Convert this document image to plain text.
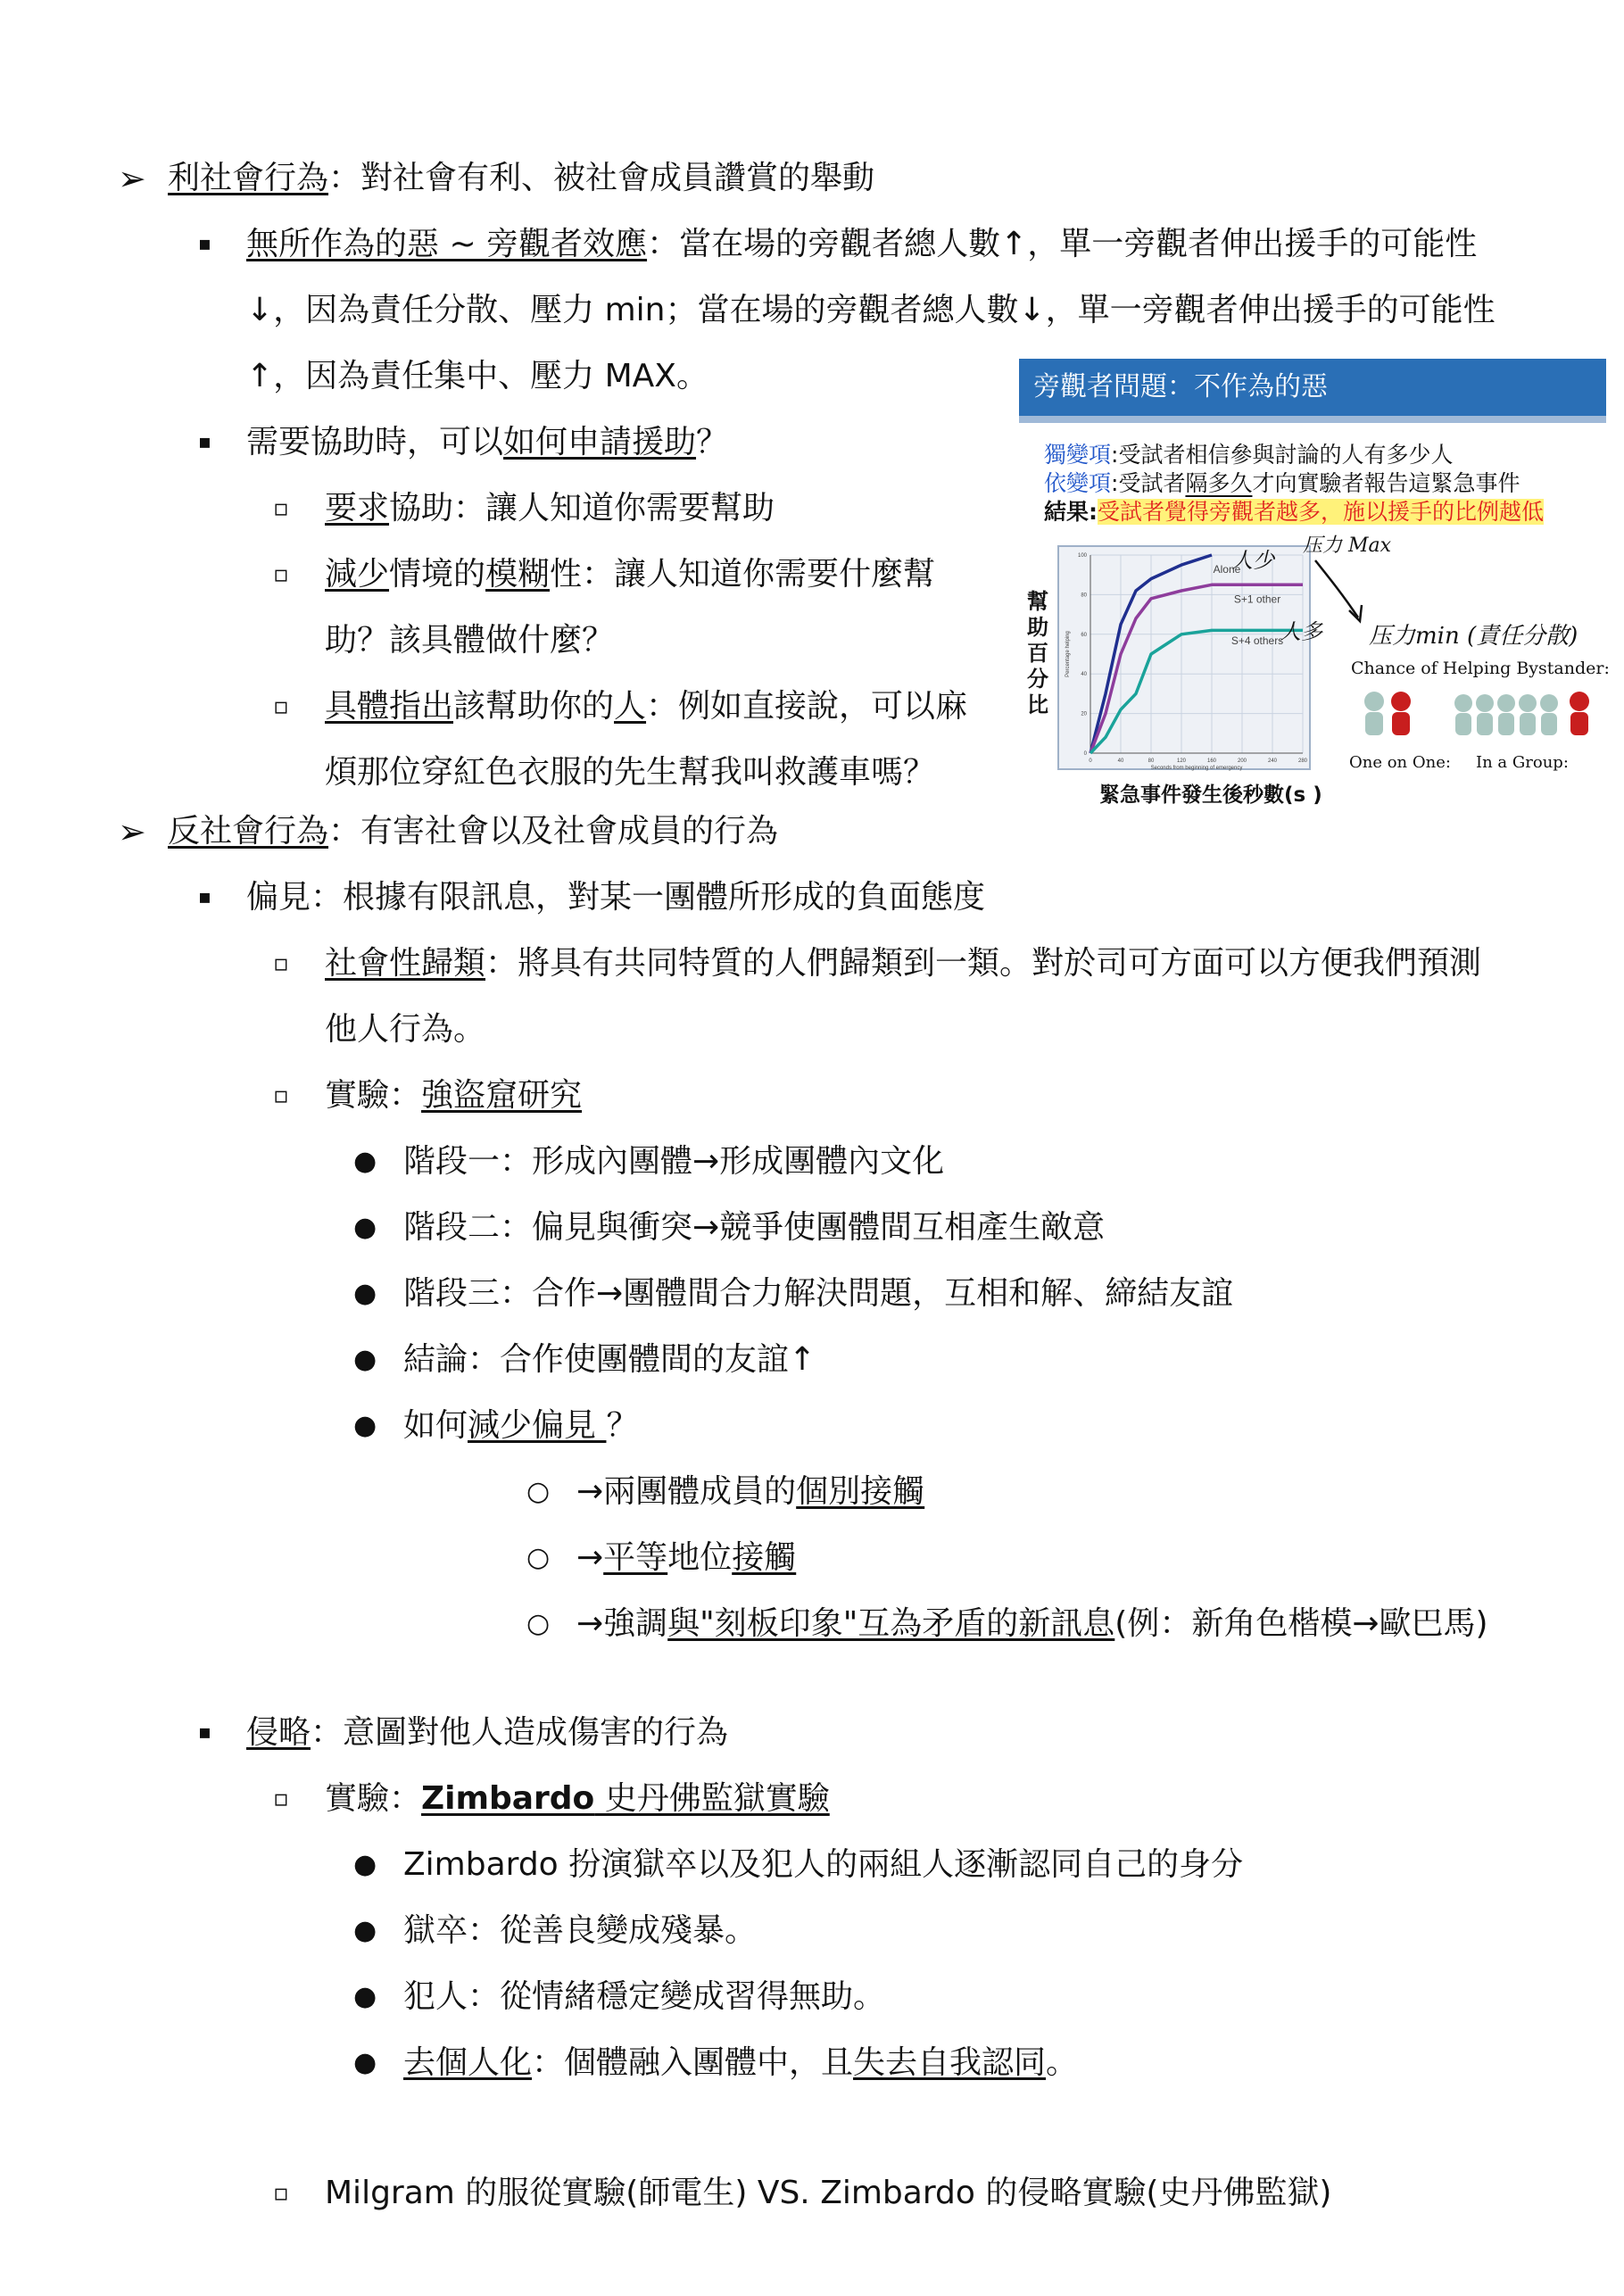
➢ 利社會行為：對社會有利、被社會成員讚賞的舉動
▪ 無所作為的惡 ~ 旁觀者效應：當在場的旁觀者總人數↑，單一旁觀者伸出援手的可能性
↓，因為責任分散、壓力 min；當在場的旁觀者總人數↓，單一旁觀者伸出援手的可能性
↑，因為責任集中、壓力 MAX。
▪ 需要協助時，可以如何申請援助？
▫ 要求協助：讓人知道你需要幫助
▫ 減少情境的模糊性：讓人知道你需要什麼幫
助？該具體做什麼？
▫ 具體指出該幫助你的人：例如直接說，可以麻
煩那位穿紅色衣服的先生幫我叫救護車嗎？
➢ 反社會行為：有害社會以及社會成員的行為
▪ 偏見：根據有限訊息，對某一團體所形成的負面態度
▫ 社會性歸類：將具有共同特質的人們歸類到一類。對於司可方面可以方便我們預測
他人行為。
▫ 實驗：強盜窟研究
● 階段一：形成內團體→形成團體內文化
● 階段二：偏見與衝突→競爭使團體間互相產生敵意
● 階段三：合作→團體間合力解決問題，互相和解、締結友誼
● 結論：合作使團體間的友誼↑
● 如何減少偏見 ？
○ →兩團體成員的個別接觸
○ →平等地位接觸
○ →強調與"刻板印象"互為矛盾的新訊息(例：新角色楷模→歐巴馬)
▪ 侵略：意圖對他人造成傷害的行為
▫ 實驗：Zimbardo 史丹佛監獄實驗
● Zimbardo 扮演獄卒以及犯人的兩組人逐漸認同自己的身分
● 獄卒：從善良變成殘暴。
● 犯人：從情緒穩定變成習得無助。
● 去個人化：個體融入團體中，且失去自我認同。
▫ Milgram 的服從實驗(師電生) VS. Zimbardo 的侵略實驗(史丹佛監獄)
旁觀者問題：不作為的惡
獨變項:受試者相信參與討論的人有多少人
依變項:受試者隔多久才向實驗者報告這緊急事件
結果:受試者覺得旁觀者越多，施以援手的比例越低
幫
助
百
分
比
0
20
40
60
80
100
0	40	80	120	160	200	240	280
Alone
S+1 other
S+4 others
Percentage helping
Seconds from beginning of emergency
緊急事件發生後秒數(s )
人少
压力 Max
人多 压力min (責任分散)
Chance of Helping Bystander:
One on One: In a Group:
